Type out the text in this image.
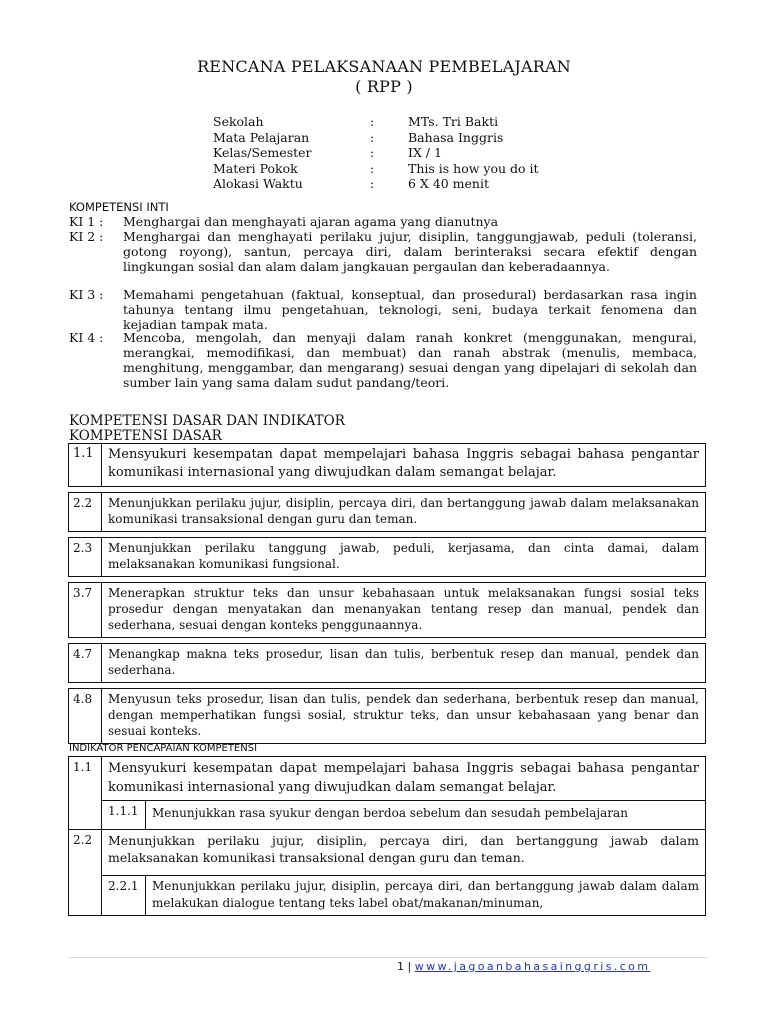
RENCANA PELAKSANAAN PEMBELAJARAN
( RPP )
Sekolah	:	MTs. Tri Bakti
Mata Pelajaran	:	Bahasa Inggris
Kelas/Semester	:	IX / 1
Materi Pokok	:	This is how you do it
Alokasi Waktu	:	6 X 40 menit
KOMPETENSI INTI
KI 1 :	Menghargai dan menghayati ajaran agama yang dianutnya
KI 2 :	Menghargai dan menghayati perilaku jujur, disiplin, tanggungjawab, peduli (toleransi, gotong royong), santun, percaya diri, dalam berinteraksi secara efektif dengan lingkungan sosial dan alam dalam jangkauan pergaulan dan keberadaannya.
KI 3 :	Memahami pengetahuan (faktual, konseptual, dan prosedural) berdasarkan rasa ingin tahunya tentang ilmu pengetahuan, teknologi, seni, budaya terkait fenomena dan kejadian tampak mata.
KI 4 :	Mencoba, mengolah, dan menyaji dalam ranah konkret (menggunakan, mengurai, merangkai, memodifikasi, dan membuat) dan ranah abstrak (menulis, membaca, menghitung, menggambar, dan mengarang) sesuai dengan yang dipelajari di sekolah dan sumber lain yang sama dalam sudut pandang/teori.
KOMPETENSI DASAR DAN INDIKATOR
KOMPETENSI DASAR
1.1	Mensyukuri kesempatan dapat mempelajari bahasa Inggris sebagai bahasa pengantar komunikasi internasional yang diwujudkan dalam semangat belajar.

2.2	Menunjukkan perilaku jujur, disiplin, percaya diri, dan bertanggung jawab dalam melaksanakan komunikasi transaksional dengan guru dan teman.

2.3	Menunjukkan perilaku tanggung jawab, peduli, kerjasama, dan cinta damai, dalam melaksanakan komunikasi fungsional.

3.7	Menerapkan struktur teks dan unsur kebahasaan untuk melaksanakan fungsi sosial teks prosedur dengan menyatakan dan menanyakan tentang resep dan manual, pendek dan sederhana, sesuai dengan konteks penggunaannya.

4.7	Menangkap makna teks prosedur, lisan dan tulis, berbentuk resep dan manual, pendek dan sederhana.

4.8	Menyusun teks prosedur, lisan dan tulis, pendek dan sederhana, berbentuk resep dan manual, dengan memperhatikan fungsi sosial, struktur teks, dan unsur kebahasaan yang benar dan sesuai konteks.
INDIKATOR PENCAPAIAN KOMPETENSI
1.1	Mensyukuri kesempatan dapat mempelajari bahasa Inggris sebagai bahasa pengantar komunikasi internasional yang diwujudkan dalam semangat belajar.	
	1.1.1	Menunjukkan rasa syukur dengan berdoa sebelum dan sesudah pembelajaran
2.2	Menunjukkan perilaku jujur, disiplin, percaya diri, dan bertanggung jawab dalam melaksanakan komunikasi transaksional dengan guru dan teman.	
	2.2.1	Menunjukkan perilaku jujur, disiplin, percaya diri, dan bertanggung jawab dalam dalam melakukan dialogue tentang teks label obat/makanan/minuman,
1 | www.jagoanbahasainggris.com
